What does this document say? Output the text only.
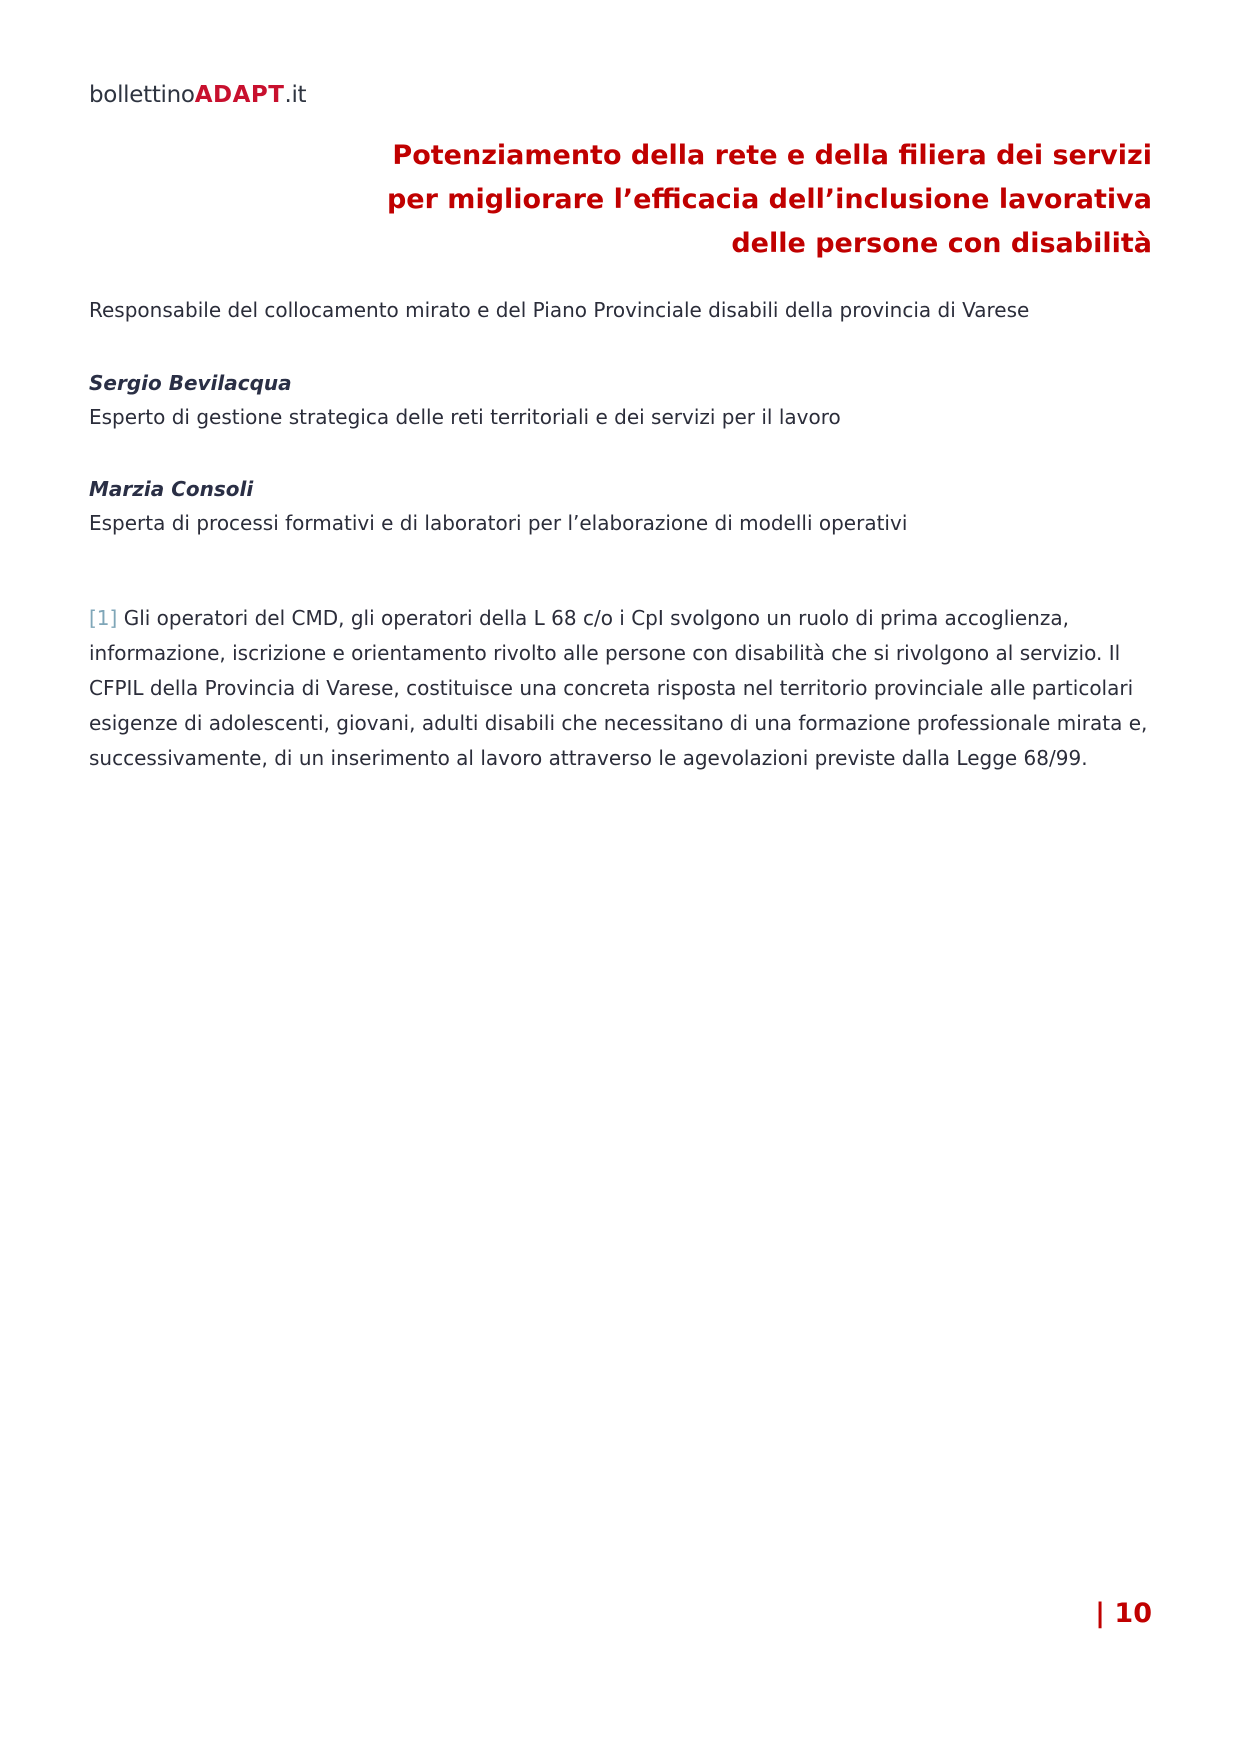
bollettinoADAPT.it
Potenziamento della rete e della filiera dei servizi
per migliorare l’efficacia dell’inclusione lavorativa
delle persone con disabilità

Responsabile del collocamento mirato e del Piano Provinciale disabili della provincia di Varese

Sergio Bevilacqua
Esperto di gestione strategica delle reti territoriali e dei servizi per il lavoro
Marzia Consoli
Esperta di processi formativi e di laboratori per l’elaborazione di modelli operativi

[1] Gli operatori del CMD, gli operatori della L 68 c/o i CpI svolgono un ruolo di prima accoglienza, informazione, iscrizione e orientamento rivolto alle persone con disabilità che si rivolgono al servizio. Il CFPIL della Provincia di Varese, costituisce una concreta risposta nel territorio provinciale alle particolari esigenze di adolescenti, giovani, adulti disabili che necessitano di una formazione professionale mirata e, successivamente, di un inserimento al lavoro attraverso le agevolazioni previste dalla Legge 68/99.

| 10
